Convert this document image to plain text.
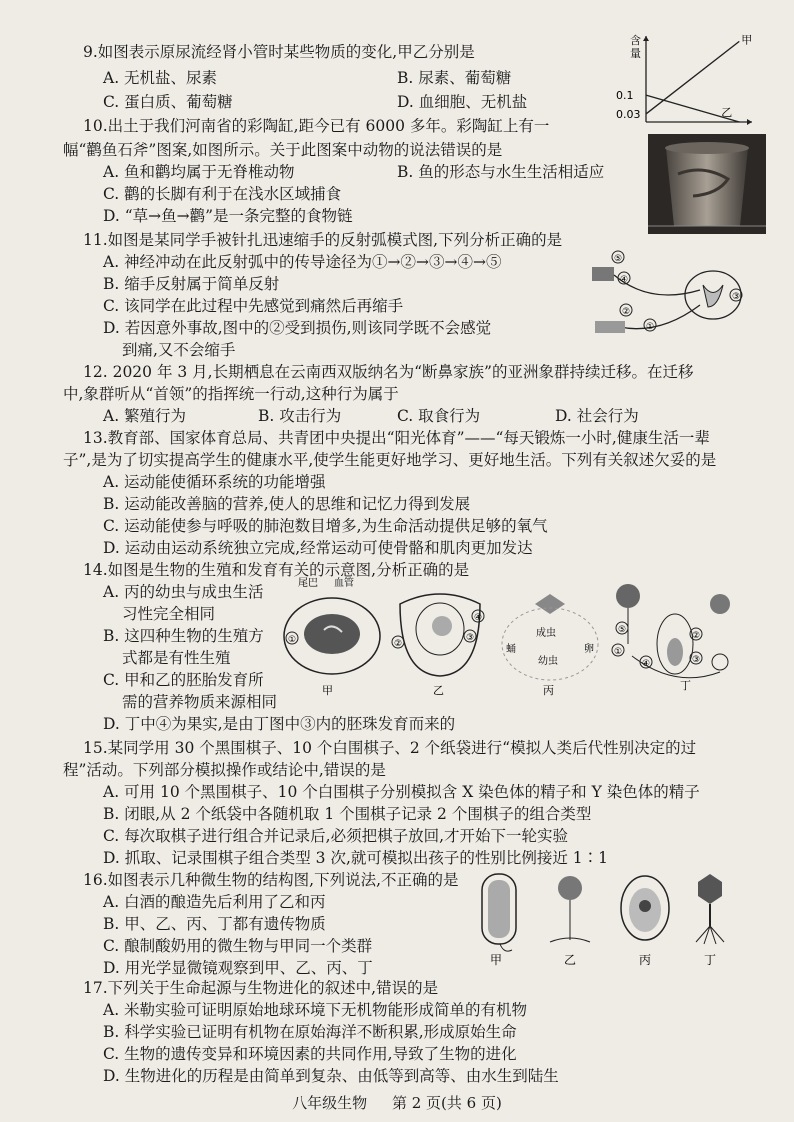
9.如图表示原尿流经肾小管时某些物质的变化,甲乙分别是
A. 无机盐、尿素	B. 尿素、葡萄糖
C. 蛋白质、葡萄糖	D. 血细胞、无机盐	0.1
0.03
甲
乙
含
量
10.出土于我们河南省的彩陶缸,距今已有 6000 多年。彩陶缸上有一
幅“鹳鱼石斧”图案,如图所示。关于此图案中动物的说法错误的是
A. 鱼和鹳均属于无脊椎动物	B. 鱼的形态与水生生活相适应
C. 鹳的长脚有利于在浅水区域捕食
D. “草→鱼→鹳”是一条完整的食物链
11.如图是某同学手被针扎迅速缩手的反射弧模式图,下列分析正确的是
A. 神经冲动在此反射弧中的传导途径为①→②→③→④→⑤
B. 缩手反射属于简单反射
C. 该同学在此过程中先感觉到痛然后再缩手
D. 若因意外事故,图中的②受到损伤,则该同学既不会感觉
到痛,又不会缩手
⑤
④
③
②
①
12. 2020 年 3 月,长期栖息在云南西双版纳名为“断鼻家族”的亚洲象群持续迁移。在迁移
中,象群听从“首领”的指挥统一行动,这种行为属于
A. 繁殖行为	B. 攻击行为	C. 取食行为	D. 社会行为
13.教育部、国家体育总局、共青团中央提出“阳光体育”——“每天锻炼一小时,健康生活一辈
子”,是为了切实提高学生的健康水平,使学生能更好地学习、更好地生活。下列有关叙述欠妥的是
A. 运动能使循环系统的功能增强
B. 运动能改善脑的营养,使人的思维和记忆力得到发展
C. 运动能使参与呼吸的肺泡数目增多,为生命活动提供足够的氧气
D. 运动由运动系统独立完成,经常运动可使骨骼和肌肉更加发达
14.如图是生物的生殖和发育有关的示意图,分析正确的是
A. 丙的幼虫与成虫生活
习性完全相同
B. 这四种生物的生殖方
式都是有性生殖
C. 甲和乙的胚胎发育所
需的营养物质来源相同
D. 丁中④为果实,是由丁图中③内的胚珠发育而来的
尾巴 血管
①
甲
②
③
④
乙
成虫
蛹
幼虫
卵
丙
⑤
①
④
②
③
丁
15.某同学用 30 个黑围棋子、10 个白围棋子、2 个纸袋进行“模拟人类后代性别决定的过
程”活动。下列部分模拟操作或结论中,错误的是
A. 可用 10 个黑围棋子、10 个白围棋子分别模拟含 X 染色体的精子和 Y 染色体的精子
B. 闭眼,从 2 个纸袋中各随机取 1 个围棋子记录 2 个围棋子的组合类型
C. 每次取棋子进行组合并记录后,必须把棋子放回,才开始下一轮实验
D. 抓取、记录围棋子组合类型 3 次,就可模拟出孩子的性别比例接近 1∶1
16.如图表示几种微生物的结构图,下列说法,不正确的是
A. 白酒的酿造先后利用了乙和丙
B. 甲、乙、丙、丁都有遗传物质
C. 酿制酸奶用的微生物与甲同一个类群
D. 用光学显微镜观察到甲、乙、丙、丁	甲	乙	丙	丁
17.下列关于生命起源与生物进化的叙述中,错误的是
A. 米勒实验可证明原始地球环境下无机物能形成简单的有机物
B. 科学实验已证明有机物在原始海洋不断积累,形成原始生命
C. 生物的遗传变异和环境因素的共同作用,导致了生物的进化
D. 生物进化的历程是由简单到复杂、由低等到高等、由水生到陆生
八年级生物 第 2 页(共 6 页)
